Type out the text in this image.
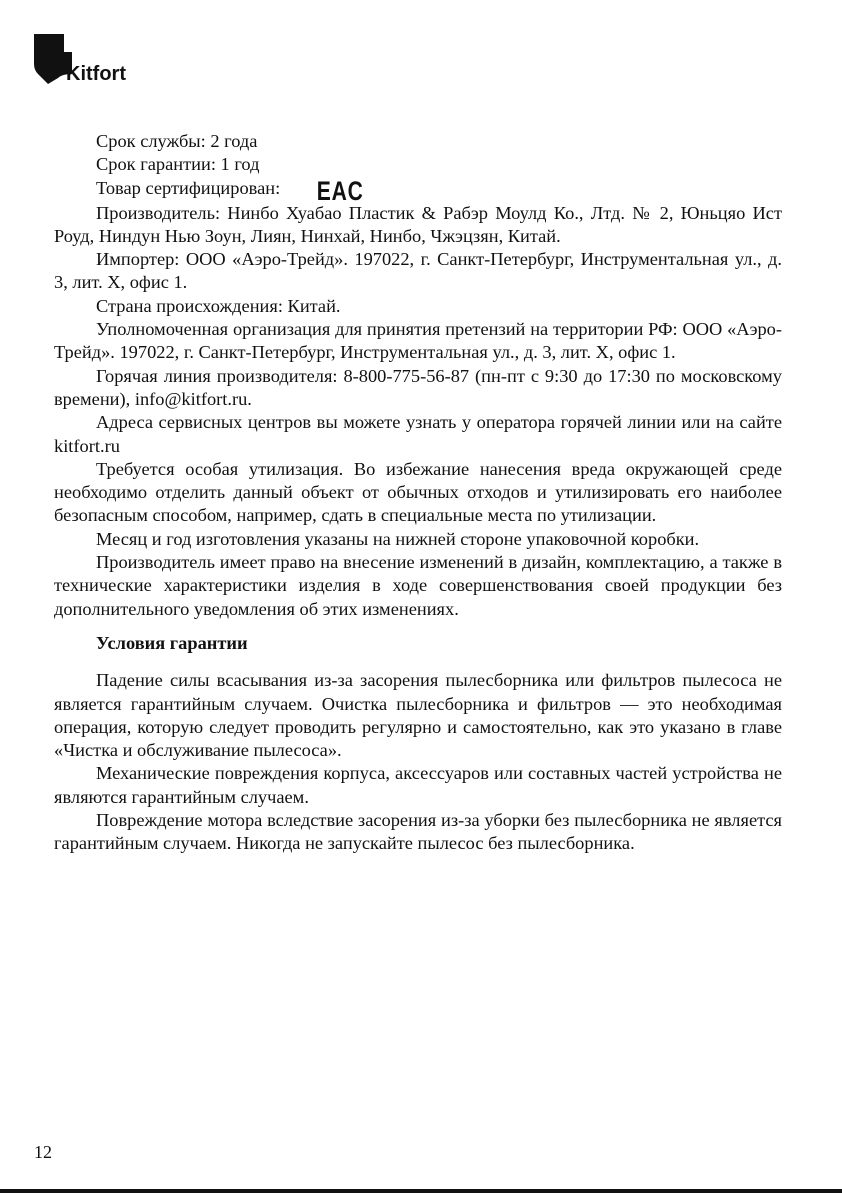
Kitfort

Срок службы: 2 года

Срок гарантии: 1 год

Товар сертифицирован: EAC

Производитель: Нинбо Хуабао Пластик & Рабэр Моулд Ко., Лтд. № 2, Юньцяо Ист Роуд, Ниндун Нью Зоун, Лиян, Нинхай, Нинбо, Чжэцзян, Китай.

Импортер: ООО «Аэро-Трейд». 197022, г. Санкт-Петербург, Инструментальная ул., д. 3, лит. Х, офис 1.

Страна происхождения: Китай.

Уполномоченная организация для принятия претензий на территории РФ: ООО «Аэро-Трейд». 197022, г. Санкт-Петербург, Инструментальная ул., д. 3, лит. Х, офис 1.

Горячая линия производителя: 8-800-775-56-87 (пн-пт с 9:30 до 17:30 по московскому времени), info@kitfort.ru.

Адреса сервисных центров вы можете узнать у оператора горячей линии или на сайте kitfort.ru

Требуется особая утилизация. Во избежание нанесения вреда окружающей среде необходимо отделить данный объект от обычных отходов и утилизировать его наиболее безопасным способом, например, сдать в специальные места по утилизации.

Месяц и год изготовления указаны на нижней стороне упаковочной коробки.

Производитель имеет право на внесение изменений в дизайн, комплектацию, а также в технические характеристики изделия в ходе совершенствования своей продукции без дополнительного уведомления об этих изменениях.

Условия гарантии

Падение силы всасывания из-за засорения пылесборника или фильтров пылесоса не является гарантийным случаем. Очистка пылесборника и фильтров — это необходимая операция, которую следует проводить регулярно и самостоятельно, как это указано в главе «Чистка и обслуживание пылесоса».

Механические повреждения корпуса, аксессуаров или составных частей устройства не являются гарантийным случаем.

Повреждение мотора вследствие засорения из-за уборки без пылесборника не является гарантийным случаем. Никогда не запускайте пылесос без пылесборника.

12
